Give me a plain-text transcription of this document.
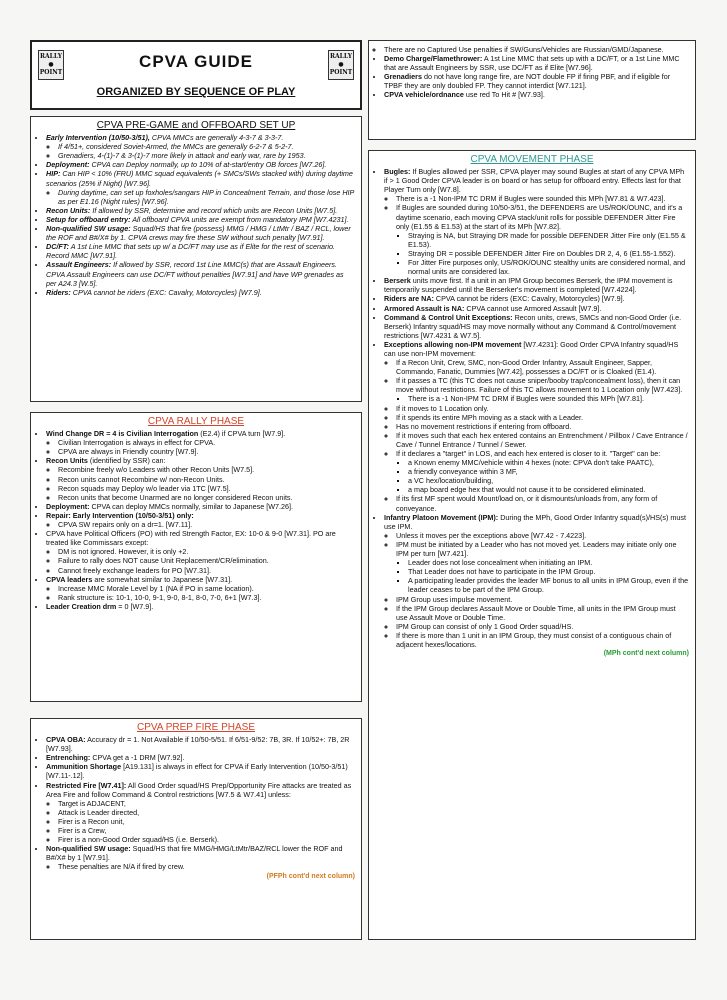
RALLY
●
POINT
RALLY
●
POINT
CPVA GUIDE
ORGANIZED BY SEQUENCE OF PLAY
CPVA PRE-GAME and OFFBOARD SET UP
• Early Intervention (10/50-3/51), CPVA MMCs are generally 4-3-7 & 3-3-7.
◦ If 4/51+, considered Soviet-Armed, the MMCs are generally 6-2-7 & 5-2-7.
◦ Grenadiers, 4-(1)-7 & 3-(1)-7 more likely in attack and early war, rare by 1953.
• Deployment: CPVA can Deploy normally, up to 10% of at-start/entry OB forces [W7.26].
• HIP: Can HIP < 10% (FRU) MMC squad equivalents (+ SMCs/SWs stacked with) during daytime scenarios (25% if Night) [W7.96].
◦ During daytime, can set up foxholes/sangars HIP in Concealment Terrain, and those lose HIP as per E1.16 (Night rules) [W7.96].
• Recon Units: If allowed by SSR, determine and record which units are Recon Units [W7.5].
• Setup for offboard entry: All offboard CPVA units are exempt from mandatory IPM [W7.4231].
• Non-qualified SW usage: Squad/HS that fire (possess) MMG / HMG / LtMtr / BAZ / RCL, lower the ROF and B#/X# by 1. CPVA crews may fire these SW without such penalty [W7.91].
• DC/FT: A 1st Line MMC that sets up w/ a DC/FT may use as if Elite for the rest of scenario. Record MMC [W7.91].
• Assault Engineers: If allowed by SSR, record 1st Line MMC(s) that are Assault Engineers. CPVA Assault Engineers can use DC/FT without penalties [W7.91] and have WP grenades as per A24.3 [W.5].
• Riders: CPVA cannot be riders (EXC: Cavalry, Motorcycles) [W7.9].
CPVA RALLY PHASE
• Wind Change DR = 4 is Civilian Interrogation (E2.4) if CPVA turn [W7.9].
◦ Civilian Interrogation is always in effect for CPVA.
◦ CPVA are always in Friendly country [W7.9].
• Recon Units (identified by SSR) can:
◦ Recombine freely w/o Leaders with other Recon Units [W7.5].
◦ Recon units cannot Recombine w/ non-Recon Units.
◦ Recon squads may Deploy w/o leader via 1TC [W7.5].
◦ Recon units that become Unarmed are no longer considered Recon units.
• Deployment: CPVA can deploy MMCs normally, similar to Japanese [W7.26].
• Repair: Early Intervention (10/50-3/51) only:
◦ CPVA SW repairs only on a dr=1. [W7.11].
• CPVA have Political Officers (PO) with red Strength Factor, EX: 10-0 & 9-0 [W7.31]. PO are treated like Commissars except:
◦ DM is not ignored. However, it is only +2.
◦ Failure to rally does NOT cause Unit Replacement/CR/elimination.
◦ Cannot freely exchange leaders for PO [W7.31].
• CPVA leaders are somewhat similar to Japanese [W7.31].
◦ Increase MMC Morale Level by 1 (NA if PO in same location).
◦ Rank structure is: 10-1, 10-0, 9-1, 9-0, 8-1, 8-0, 7-0, 6+1 [W7.3].
• Leader Creation drm = 0 [W7.9].
CPVA PREP FIRE PHASE
• CPVA OBA: Accuracy dr = 1. Not Available if 10/50-5/51. If 6/51-9/52: 7B, 3R. If 10/52+: 7B, 2R [W7.93].
• Entrenching: CPVA get a -1 DRM [W7.92].
• Ammunition Shortage [A19.131] is always in effect for CPVA if Early Intervention (10/50-3/51) [W7.11-.12].
• Restricted Fire [W7.41]: All Good Order squad/HS Prep/Opportunity Fire attacks are treated as Area Fire and follow Command & Control restrictions [W7.5 & W7.41] unless:
◦ Target is ADJACENT,
◦ Attack is Leader directed,
◦ Firer is a Recon unit,
◦ Firer is a Crew,
◦ Firer is a non-Good Order squad/HS (i.e. Berserk).
• Non-qualified SW usage: Squad/HS that fire MMG/HMG/LtMtr/BAZ/RCL lower the ROF and B#/X# by 1 [W7.91].
◦ These penalties are N/A if fired by crew.
(PFPh cont'd next column)
◦ There are no Captured Use penalties if SW/Guns/Vehicles are Russian/GMD/Japanese.
• Demo Charge/Flamethrower: A 1st Line MMC that sets up with a DC/FT, or a 1st Line MMC that are Assault Engineers by SSR, use DC/FT as if Elite [W7.96].
• Grenadiers do not have long range fire, are NOT double FP if firing PBF, and if eligible for TPBF they are only doubled FP. They cannot interdict [W7.121].
• CPVA vehicle/ordnance use red To Hit # [W7.93].
CPVA MOVEMENT PHASE
• Bugles: If Bugles allowed per SSR, CPVA player may sound Bugles at start of any CPVA MPh if > 1 Good Order CPVA leader is on board or has setup for offboard entry. Effects last for that Player Turn only [W7.8].
◦ There is a -1 Non-IPM TC DRM if Bugles were sounded this MPh [W7.81 & W7.423].
◦ If Bugles are sounded during 10/50-3/51, the DEFENDERS are US/ROK/OUNC, and it's a daytime scenario, each moving CPVA stack/unit rolls for possible DEFENDER Jitter Fire only (E1.55 & E1.53) at the start of its MPh [W7.82].
▪ Straying is NA, but Straying DR made for possible DEFENDER Jitter Fire only (E1.55 & E1.53).
▪ Straying DR = possible DEFENDER Jitter Fire on Doubles DR 2, 4, 6 (E1.55-1.552).
▪ For Jitter Fire purposes only, US/ROK/OUNC stealthy units are considered normal, and normal units are considered lax.
• Berserk units move first. If a unit in an IPM Group becomes Berserk, the IPM movement is temporarily suspended until the Berserker's movement is completed [W7.4224].
• Riders are NA: CPVA cannot be riders (EXC: Cavalry, Motorcycles) [W7.9].
• Armored Assault is NA: CPVA cannot use Armored Assault [W7.9].
• Command & Control Unit Exceptions: Recon units, crews, SMCs and non-Good Order (i.e. Berserk) Infantry squad/HS may move normally without any Command & Control/movement restrictions [W7.4231 & W7.5].
• Exceptions allowing non-IPM movement [W7.4231]: Good Order CPVA Infantry squad/HS can use non-IPM movement:
◦ If a Recon Unit, Crew, SMC, non-Good Order Infantry, Assault Engineer, Sapper, Commando, Fanatic, Dummies [W7.42], possesses a DC/FT or is Cloaked (E1.4).
◦ If it passes a TC (this TC does not cause sniper/booby trap/concealment loss), then it can move without restrictions. Failure of this TC allows movement to 1 Location only [W7.423].
▪ There is a -1 Non-IPM TC DRM if Bugles were sounded this MPh [W7.81].
◦ If it moves to 1 Location only.
◦ If it spends its entire MPh moving as a stack with a Leader.
◦ Has no movement restrictions if entering from offboard.
◦ If it moves such that each hex entered contains an Entrenchment / Pillbox / Cave Entrance / Cave / Tunnel Entrance / Tunnel / Sewer.
◦ If it declares a "target" in LOS, and each hex entered is closer to it. "Target" can be:
▪ a Known enemy MMC/vehicle within 4 hexes (note: CPVA don't take PAATC),
▪ a friendly conveyance within 3 MF,
▪ a VC hex/location/building,
▪ a map board edge hex that would not cause it to be considered eliminated.
◦ If its first MF spent would Mount/load on, or it dismounts/unloads from, any form of conveyance.
• Infantry Platoon Movement (IPM): During the MPh, Good Order Infantry squad(s)/HS(s) must use IPM.
◦ Unless it moves per the exceptions above [W7.42 - 7.4223].
◦ IPM must be initiated by a Leader who has not moved yet. Leaders may initiate only one IPM per turn [W7.421].
▪ Leader does not lose concealment when initiating an IPM.
▪ That Leader does not have to participate in the IPM Group.
▪ A participating leader provides the leader MF bonus to all units in IPM Group, even if the leader ceases to be part of the IPM Group.
◦ IPM Group uses impulse movement.
◦ If the IPM Group declares Assault Move or Double Time, all units in the IPM Group must use Assault Move or Double Time.
◦ IPM Group can consist of only 1 Good Order squad/HS.
◦ If there is more than 1 unit in an IPM Group, they must consist of a contiguous chain of adjacent hexes/locations.
(MPh cont'd next column)
